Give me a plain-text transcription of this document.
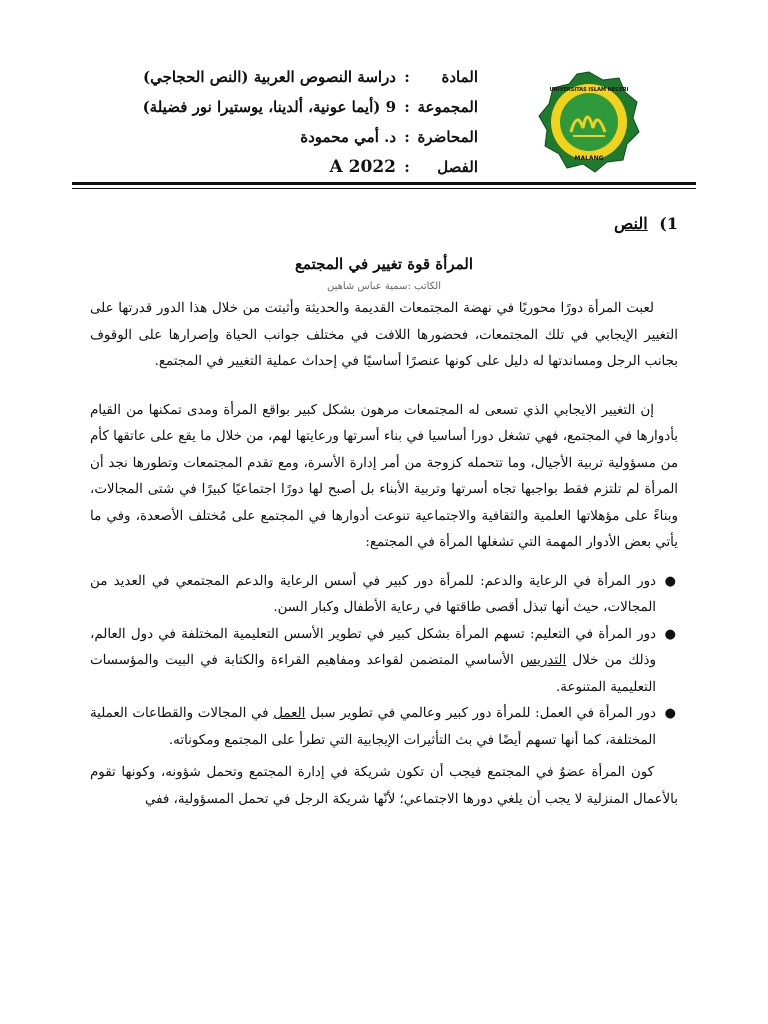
MALANG
UNIVERSITAS ISLAM NEGERI
المادة
:
دراسة النصوص العربية (النص الحجاجي)
المجموعة
:
9 (أيما عونية، ألدينا، يوستيرا نور فضيلة)
المحاضرة
:
د. أمي محمودة
الفصل
:
2022 A
1) النص
المرأة قوة تغيير في المجتمع
الكاتب :سمية عباس شاهين

لعبت المرأة دورًا محوريًا في نهضة المجتمعات القديمة والحديثة وأثبتت من خلال هذا الدور قدرتها على التغيير الإيجابي في تلك المجتمعات، فحضورها اللافت في مختلف جوانب الحياة وإصرارها على الوقوف بجانب الرجل ومساندتها له دليل على كونها عنصرًا أساسيًا في إحداث عملية التغيير في المجتمع.

إن التغيير الايجابي الذي تسعى له المجتمعات مرهون بشكل كبير بواقع المرأة ومدى تمكنها من القيام بأدوارها في المجتمع، فهي تشغل دورا أساسيا في بناء أسرتها ورعايتها لهم، من خلال ما يقع على عاتقها كأم من مسؤولية تربية الأجيال، وما تتحمله كزوجة من أمر إدارة الأسرة، ومع تقدم المجتمعات وتطورها نجد أن المرأة لم تلتزم فقط بواجبها تجاه أسرتها وتربية الأبناء بل أصبح لها دورًا اجتماعيًا كبيرًا في شتى المجالات، وبناءً على مؤهلاتها العلمية والثقافية والاجتماعية تنوعت أدوارها في المجتمع على مُختلف الأصعدة، وفي ما يأتي بعض الأدوار المهمة التي تشغلها المرأة في المجتمع:

●
دور المرأة في الرعاية والدعم: للمرأة دور كبير في أسس الرعاية والدعم المجتمعي في العديد من المجالات، حيث أنها تبذل أقصى طاقتها في رعاية الأطفال وكبار السن.
●
دور المرأة في التعليم: تسهم المرأة بشكل كبير في تطوير الأسس التعليمية المختلفة في دول العالم، وذلك من خلال التدريس الأساسي المتضمن لقواعد ومفاهيم القراءة والكتابة في البيت والمؤسسات التعليمية المتنوعة.
●
دور المرأة في العمل: للمرأة دور كبير وعالمي في تطوير سبل العمل في المجالات والقطاعات العملية المختلفة، كما أنها تسهم أيضًا في بث التأثيرات الإيجابية التي تطرأ على المجتمع ومكوناته.

كون المرأة عضوٌ في المجتمع فيجب أن تكون شريكة في إدارة المجتمع وتحمل شؤونه، وكونها تقوم بالأعمال المنزلية لا يجب أن يلغي دورها الاجتماعي؛ لأنّها شريكة الرجل في تحمل المسؤولية، ففي
